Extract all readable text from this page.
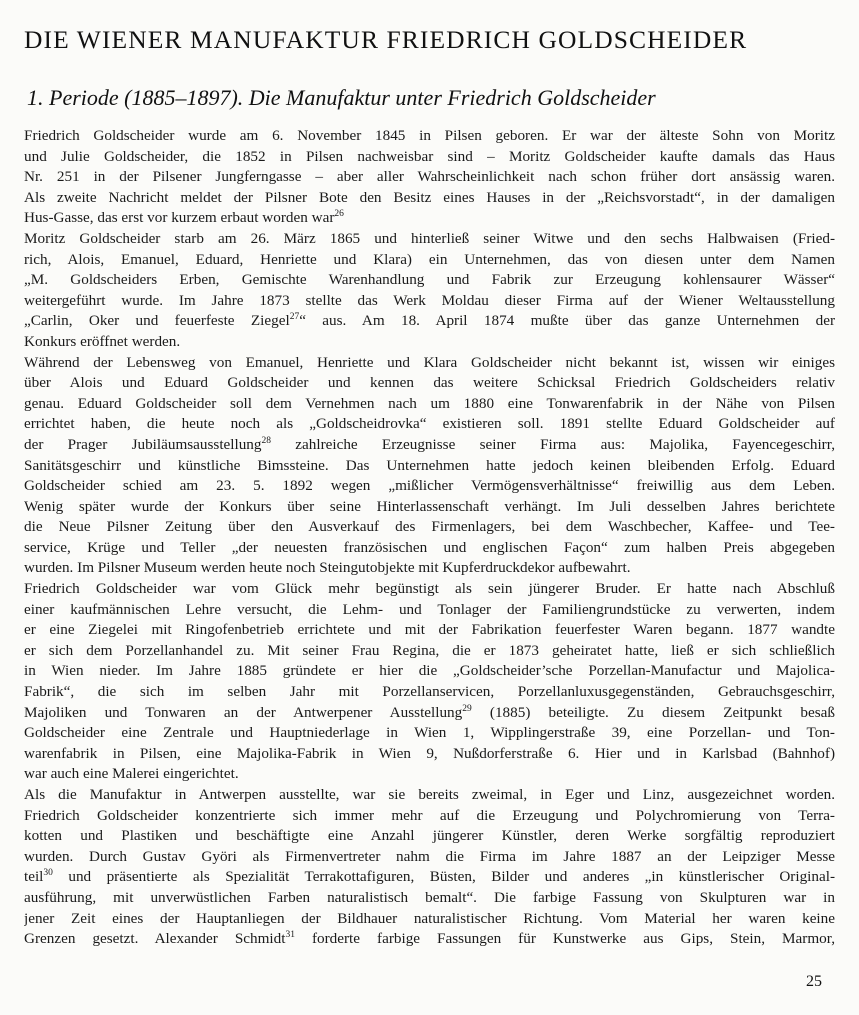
DIE WIENER MANUFAKTUR FRIEDRICH GOLDSCHEIDER
1. Periode (1885–1897). Die Manufaktur unter Friedrich Goldscheider
Friedrich Goldscheider wurde am 6. November 1845 in Pilsen geboren. Er war der älteste Sohn von Moritz
und Julie Goldscheider, die 1852 in Pilsen nachweisbar sind – Moritz Goldscheider kaufte damals das Haus
Nr. 251 in der Pilsener Jungferngasse – aber aller Wahrscheinlichkeit nach schon früher dort ansässig waren.
Als zweite Nachricht meldet der Pilsner Bote den Besitz eines Hauses in der „Reichsvorstadt“, in der damaligen
Hus-Gasse, das erst vor kurzem erbaut worden war$^{26}$
Moritz Goldscheider starb am 26. März 1865 und hinterließ seiner Witwe und den sechs Halbwaisen (Fried-
rich, Alois, Emanuel, Eduard, Henriette und Klara) ein Unternehmen, das von diesen unter dem Namen
„M. Goldscheiders Erben, Gemischte Warenhandlung und Fabrik zur Erzeugung kohlensaurer Wässer“
weitergeführt wurde. Im Jahre 1873 stellte das Werk Moldau dieser Firma auf der Wiener Weltausstellung
„Carlin, Oker und feuerfeste Ziegel$^{27}$“ aus. Am 18. April 1874 mußte über das ganze Unternehmen der
Konkurs eröffnet werden.
Während der Lebensweg von Emanuel, Henriette und Klara Goldscheider nicht bekannt ist, wissen wir einiges
über Alois und Eduard Goldscheider und kennen das weitere Schicksal Friedrich Goldscheiders relativ
genau. Eduard Goldscheider soll dem Vernehmen nach um 1880 eine Tonwarenfabrik in der Nähe von Pilsen
errichtet haben, die heute noch als „Goldscheidrovka“ existieren soll. 1891 stellte Eduard Goldscheider auf
der Prager Jubiläumsausstellung$^{28}$ zahlreiche Erzeugnisse seiner Firma aus: Majolika, Fayencegeschirr,
Sanitätsgeschirr und künstliche Bimssteine. Das Unternehmen hatte jedoch keinen bleibenden Erfolg. Eduard
Goldscheider schied am 23. 5. 1892 wegen „mißlicher Vermögensverhältnisse“ freiwillig aus dem Leben.
Wenig später wurde der Konkurs über seine Hinterlassenschaft verhängt. Im Juli desselben Jahres berichtete
die Neue Pilsner Zeitung über den Ausverkauf des Firmenlagers, bei dem Waschbecher, Kaffee- und Tee-
service, Krüge und Teller „der neuesten französischen und englischen Façon“ zum halben Preis abgegeben
wurden. Im Pilsner Museum werden heute noch Steingutobjekte mit Kupferdruckdekor aufbewahrt.
Friedrich Goldscheider war vom Glück mehr begünstigt als sein jüngerer Bruder. Er hatte nach Abschluß
einer kaufmännischen Lehre versucht, die Lehm- und Tonlager der Familiengrundstücke zu verwerten, indem
er eine Ziegelei mit Ringofenbetrieb errichtete und mit der Fabrikation feuerfester Waren begann. 1877 wandte
er sich dem Porzellanhandel zu. Mit seiner Frau Regina, die er 1873 geheiratet hatte, ließ er sich schließlich
in Wien nieder. Im Jahre 1885 gründete er hier die „Goldscheider’sche Porzellan-Manufactur und Majolica-
Fabrik“, die sich im selben Jahr mit Porzellanservicen, Porzellanluxusgegenständen, Gebrauchsgeschirr,
Majoliken und Tonwaren an der Antwerpener Ausstellung$^{29}$ (1885) beteiligte. Zu diesem Zeitpunkt besaß
Goldscheider eine Zentrale und Hauptniederlage in Wien 1, Wipplingerstraße 39, eine Porzellan- und Ton-
warenfabrik in Pilsen, eine Majolika-Fabrik in Wien 9, Nußdorferstraße 6. Hier und in Karlsbad (Bahnhof)
war auch eine Malerei eingerichtet.
Als die Manufaktur in Antwerpen ausstellte, war sie bereits zweimal, in Eger und Linz, ausgezeichnet worden.
Friedrich Goldscheider konzentrierte sich immer mehr auf die Erzeugung und Polychromierung von Terra-
kotten und Plastiken und beschäftigte eine Anzahl jüngerer Künstler, deren Werke sorgfältig reproduziert
wurden. Durch Gustav Györi als Firmenvertreter nahm die Firma im Jahre 1887 an der Leipziger Messe
teil$^{30}$ und präsentierte als Spezialität Terrakottafiguren, Büsten, Bilder und anderes „in künstlerischer Original-
ausführung, mit unverwüstlichen Farben naturalistisch bemalt“. Die farbige Fassung von Skulpturen war in
jener Zeit eines der Hauptanliegen der Bildhauer naturalistischer Richtung. Vom Material her waren keine
Grenzen gesetzt. Alexander Schmidt$^{31}$ forderte farbige Fassungen für Kunstwerke aus Gips, Stein, Marmor,
25
